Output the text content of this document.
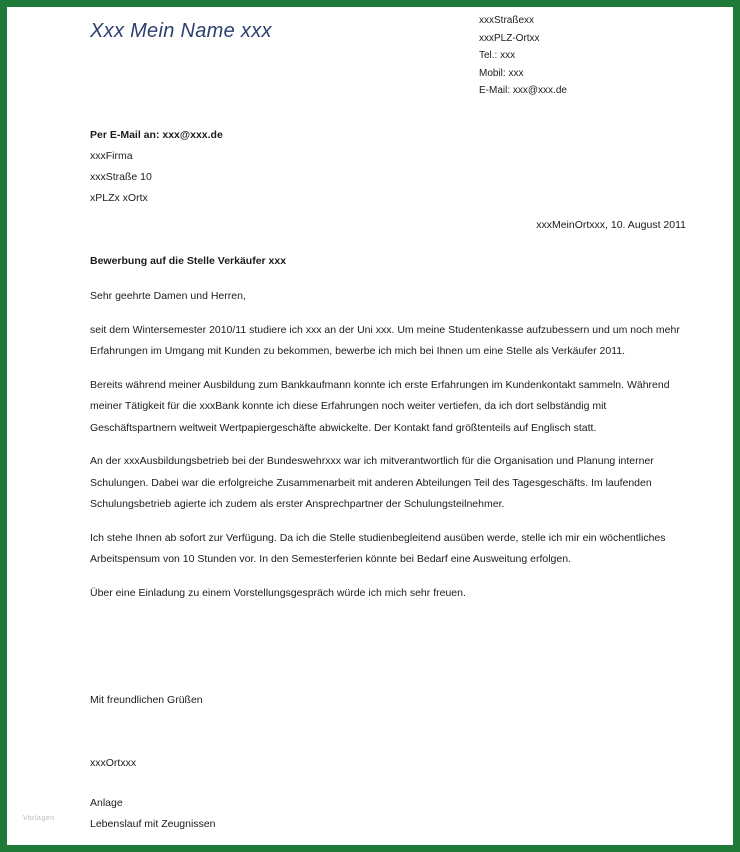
Xxx Mein Name xxx	xxxStraßexx
xxxPLZ-Ortxx
Tel.: xxx
Mobil: xxx
E-Mail: xxx@xxx.de
Per E-Mail an: xxx@xxx.de
xxxFirma
xxxStraße 10
xPLZx xOrtx
xxxMeinOrtxxx, 10. August 2011
Bewerbung auf die Stelle Verkäufer xxx

Sehr geehrte Damen und Herren,

seit dem Wintersemester 2010/11 studiere ich xxx an der Uni xxx. Um meine Studentenkasse aufzubessern und um noch mehr Erfahrungen im Umgang mit Kunden zu bekommen, bewerbe ich mich bei Ihnen um eine Stelle als Verkäufer 2011.

Bereits während meiner Ausbildung zum Bankkaufmann konnte ich erste Erfahrungen im Kundenkontakt sammeln. Während meiner Tätigkeit für die xxxBank konnte ich diese Erfahrungen noch weiter vertiefen, da ich dort selbständig mit Geschäftspartnern weltweit Wertpapiergeschäfte abwickelte. Der Kontakt fand größtenteils auf Englisch statt.

An der xxxAusbildungsbetrieb bei der Bundeswehrxxx war ich mitverantwortlich für die Organisation und Planung interner Schulungen. Dabei war die erfolgreiche Zusammenarbeit mit anderen Abteilungen Teil des Tagesgeschäfts. Im laufenden Schulungsbetrieb agierte ich zudem als erster Ansprechpartner der Schulungsteilnehmer.

Ich stehe Ihnen ab sofort zur Verfügung. Da ich die Stelle studienbegleitend ausüben werde, stelle ich mir ein wöchentliches Arbeitspensum von 10 Stunden vor. In den Semesterferien könnte bei Bedarf eine Ausweitung erfolgen.

Über eine Einladung zu einem Vorstellungsgespräch würde ich mich sehr freuen.

Mit freundlichen Grüßen
xxxOrtxxx
Anlage
Lebenslauf mit Zeugnissen
Vorlagen
